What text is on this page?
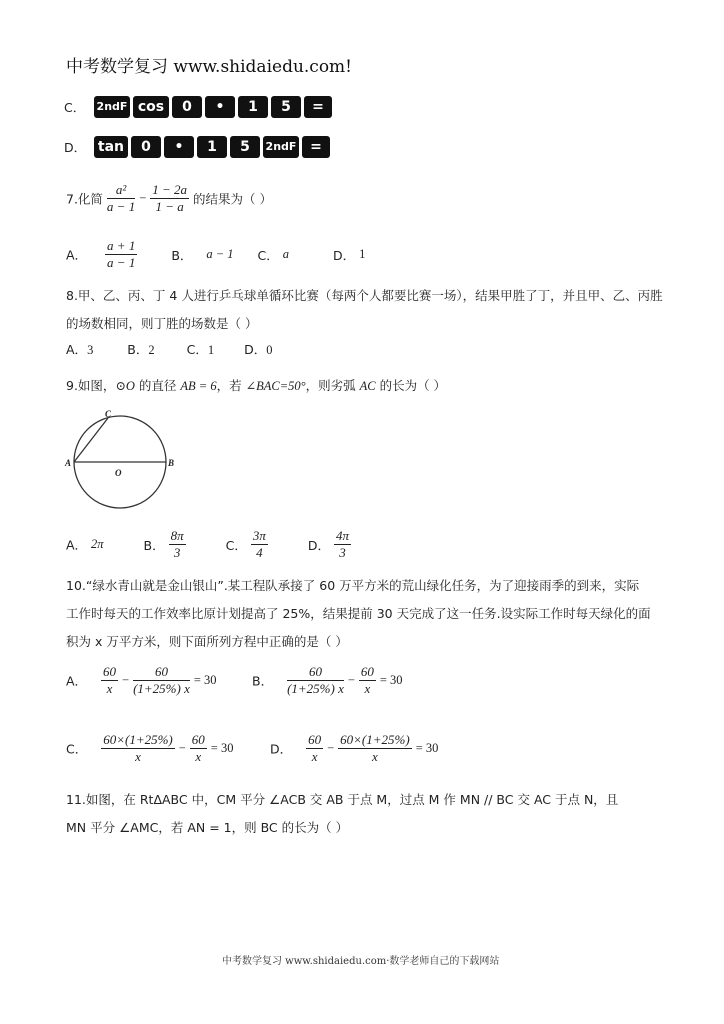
中考数学复习 www.shidaiedu.com!
C． 2ndF cos 0 • 1 5 =
D． tan 0 • 1 5 2ndF =
7.化简 $\frac{\text{a²}}{a - 1} - \frac{1 - 2a}{1 - a}$ 的结果为（ ）
A． $\frac{a + 1}{a - 1}$	B． a − 1 C． a	D． 1
8.甲、乙、丙、丁 4 人进行乒乓球单循环比赛（每两个人都要比赛一场），结果甲胜了丁，并且甲、乙、丙胜
的场数相同，则丁胜的场数是（ ）
A．3	B．2	C．1 D．0
9.如图，⊙O 的直径 AB = 6，若 ∠BAC=50°，则劣弧 AC 的长为（ ）
C
A
O
B
A． 2π	B． $\frac{8\pi}{3}$	C． $\frac{3\pi}{4}$	D． $\frac{4\pi}{3}$
10.“绿水青山就是金山银山”.某工程队承接了 60 万平方米的荒山绿化任务，为了迎接雨季的到来，实际
工作时每天的工作效率比原计划提高了 25%，结果提前 30 天完成了这一任务.设实际工作时每天绿化的面
积为 x 万平方米，则下面所列方程中正确的是（ ）
A． $\frac{60}{x} - \frac{60}{(1+25\%) x} = 30$	B． $\frac{60}{(1+25\%) x} - \frac{60}{x} = 30$
C． $\frac{60\times(1+25\%)}{x} - \frac{60}{x} = 30$	D． $\frac{60}{x} - \frac{60\times(1+25\%)}{x} = 30$
11.如图，在 RtΔABC 中，CM 平分 ∠ACB 交 AB 于点 M，过点 M 作 MN // BC 交 AC 于点 N，且
MN 平分 ∠AMC，若 AN = 1，则 BC 的长为（ ）
中考数学复习 www.shidaiedu.com·数学老师自己的下载网站
